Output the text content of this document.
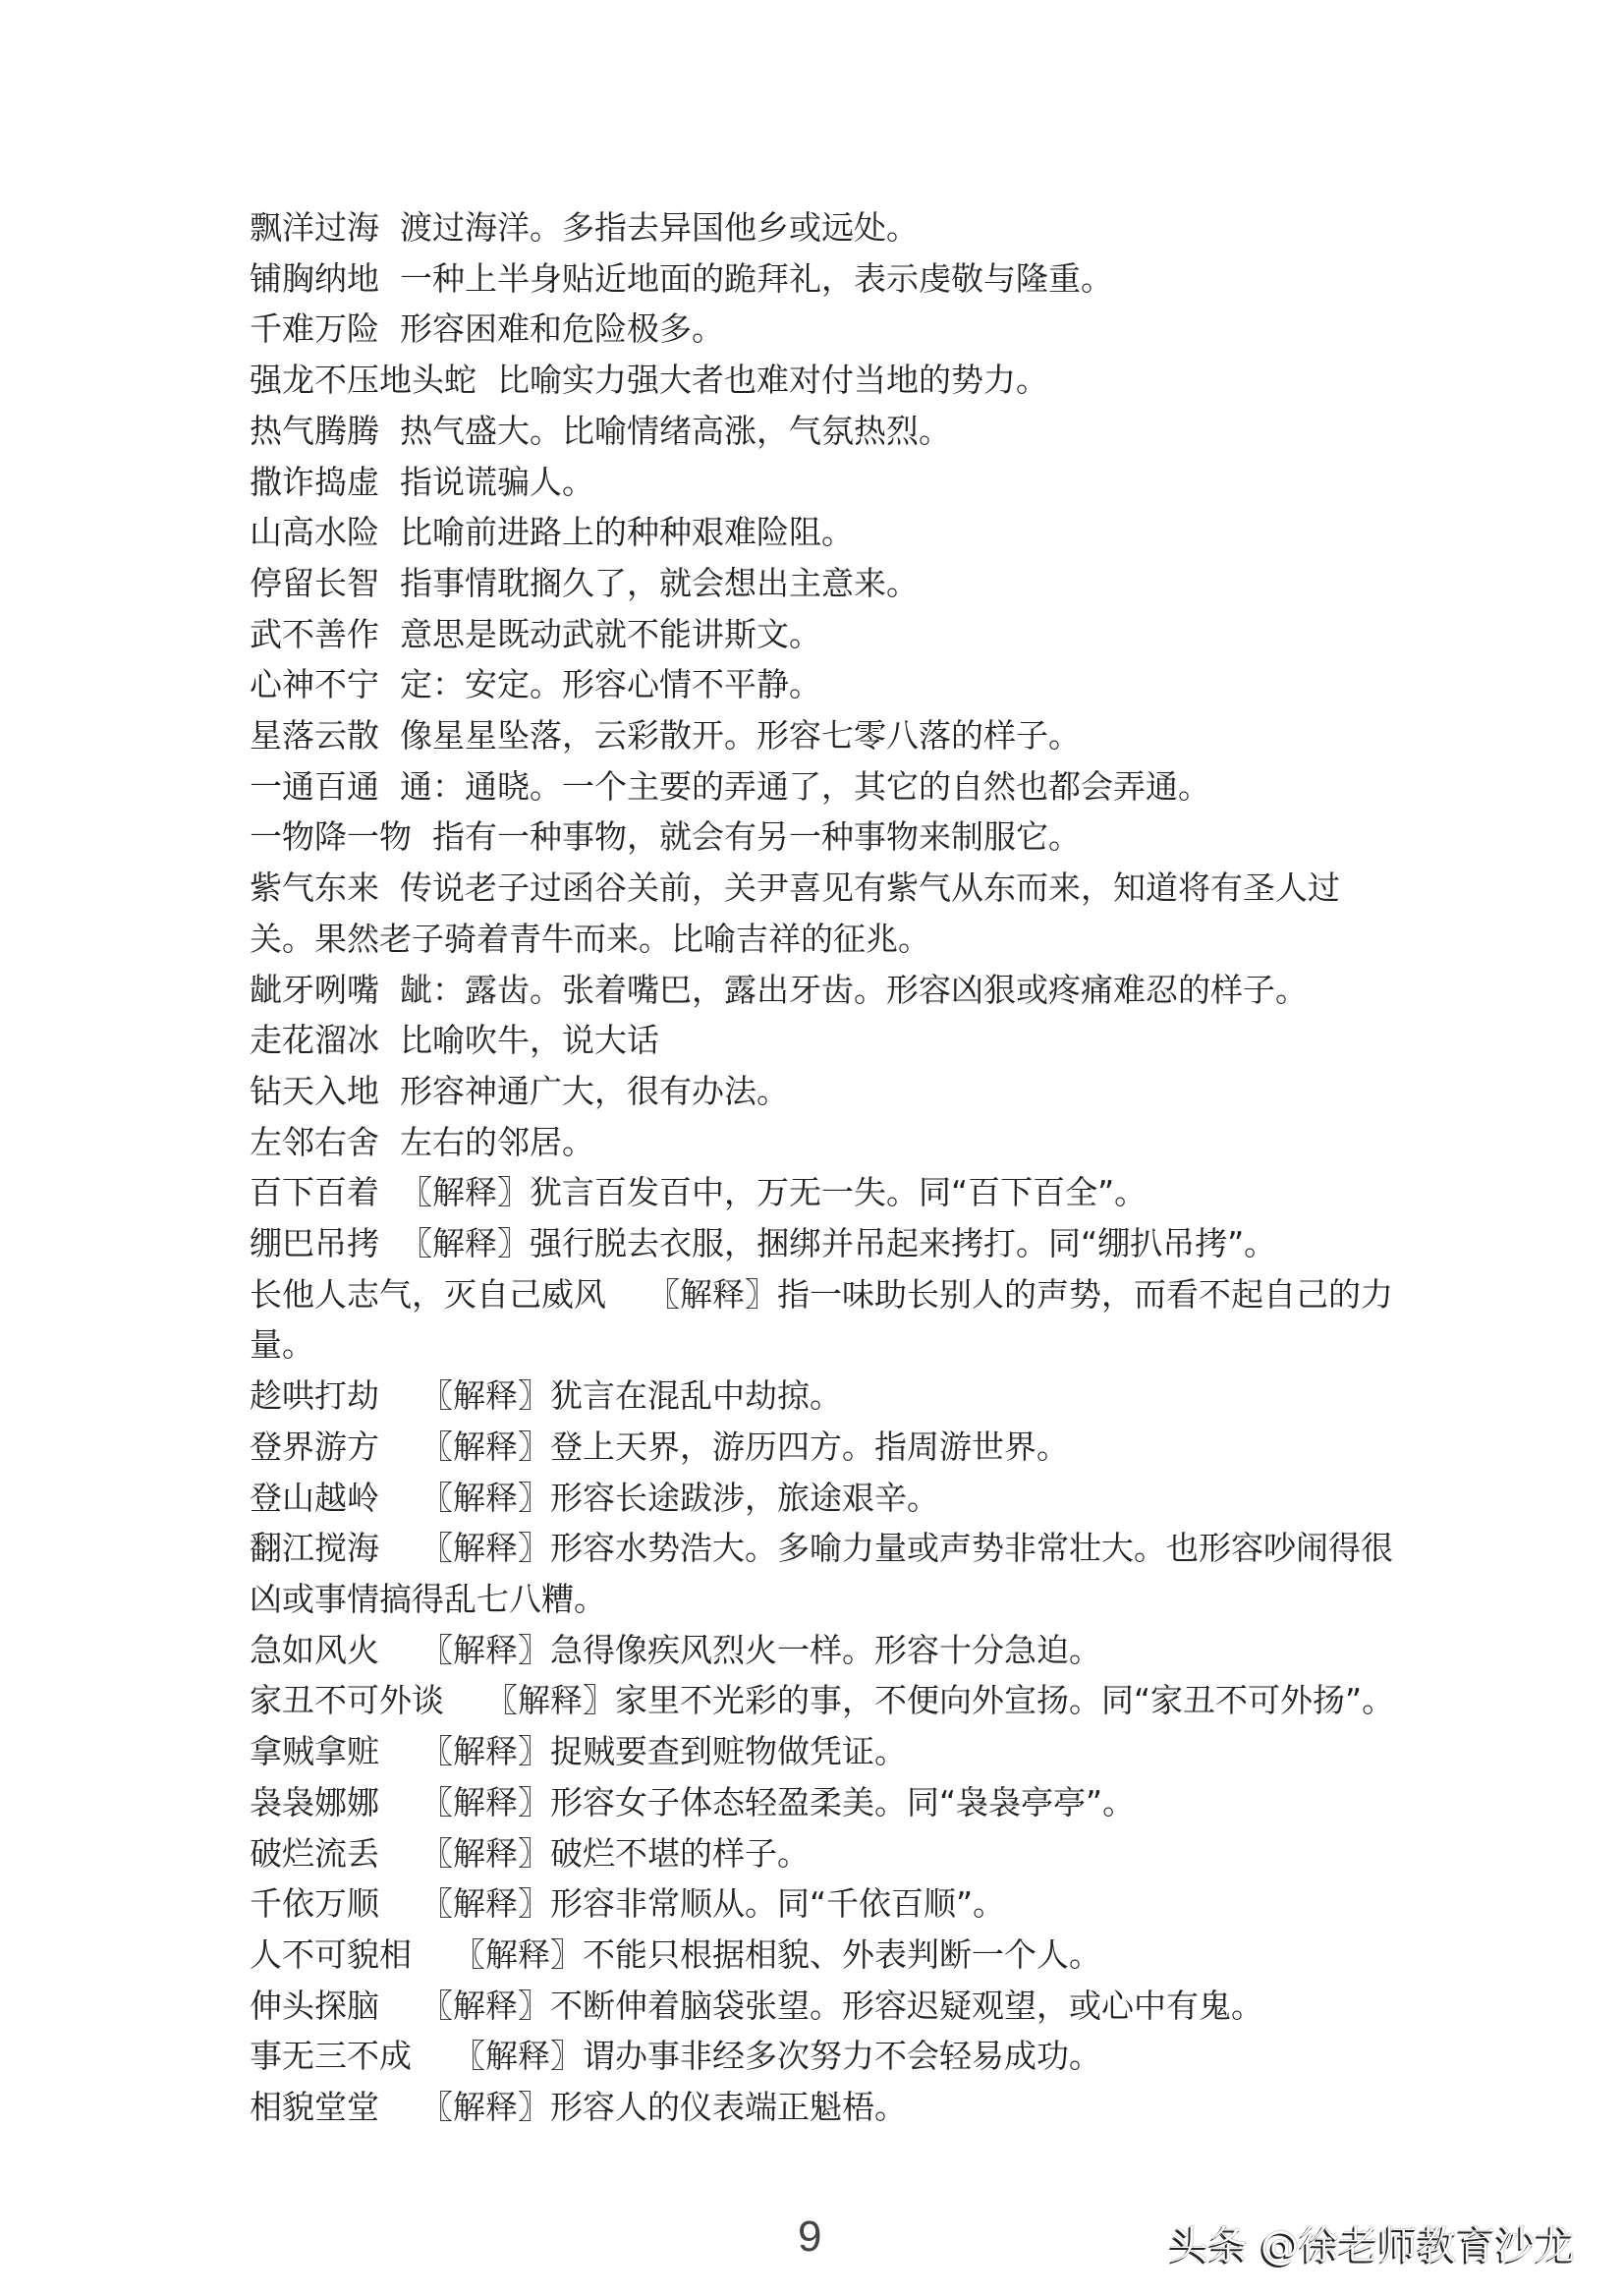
飘洋过海  渡过海洋。多指去异国他乡或远处。

铺胸纳地  一种上半身贴近地面的跪拜礼，表示虔敬与隆重。

千难万险  形容困难和危险极多。

强龙不压地头蛇  比喻实力强大者也难对付当地的势力。

热气腾腾  热气盛大。比喻情绪高涨，气氛热烈。

撒诈捣虚  指说谎骗人。

山高水险  比喻前进路上的种种艰难险阻。

停留长智  指事情耽搁久了，就会想出主意来。

武不善作  意思是既动武就不能讲斯文。

心神不宁  定：安定。形容心情不平静。

星落云散  像星星坠落，云彩散开。形容七零八落的样子。

一通百通  通：通晓。一个主要的弄通了，其它的自然也都会弄通。

一物降一物  指有一种事物，就会有另一种事物来制服它。

紫气东来  传说老子过函谷关前，关尹喜见有紫气从东而来，知道将有圣人过关。果然老子骑着青牛而来。比喻吉祥的征兆。

龇牙咧嘴  龇：露齿。张着嘴巴，露出牙齿。形容凶狠或疼痛难忍的样子。

走花溜冰  比喻吹牛，说大话

钻天入地  形容神通广大，很有办法。

左邻右舍  左右的邻居。

百下百着  〖解释〗犹言百发百中，万无一失。同“百下百全”。

绷巴吊拷  〖解释〗强行脱去衣服，捆绑并吊起来拷打。同“绷扒吊拷”。

长他人志气，灭自己威风    〖解释〗指一味助长别人的声势，而看不起自己的力量。

趁哄打劫    〖解释〗犹言在混乱中劫掠。

登界游方    〖解释〗登上天界，游历四方。指周游世界。

登山越岭    〖解释〗形容长途跋涉，旅途艰辛。

翻江搅海    〖解释〗形容水势浩大。多喻力量或声势非常壮大。也形容吵闹得很凶或事情搞得乱七八糟。

急如风火    〖解释〗急得像疾风烈火一样。形容十分急迫。

家丑不可外谈    〖解释〗家里不光彩的事，不便向外宣扬。同“家丑不可外扬”。

拿贼拿赃    〖解释〗捉贼要查到赃物做凭证。

袅袅娜娜    〖解释〗形容女子体态轻盈柔美。同“袅袅亭亭”。

破烂流丢    〖解释〗破烂不堪的样子。

千依万顺    〖解释〗形容非常顺从。同“千依百顺”。

人不可貌相    〖解释〗不能只根据相貌、外表判断一个人。

伸头探脑    〖解释〗不断伸着脑袋张望。形容迟疑观望，或心中有鬼。

事无三不成    〖解释〗谓办事非经多次努力不会轻易成功。

相貌堂堂    〖解释〗形容人的仪表端正魁梧。

9	头条 @徐老师教育沙龙
